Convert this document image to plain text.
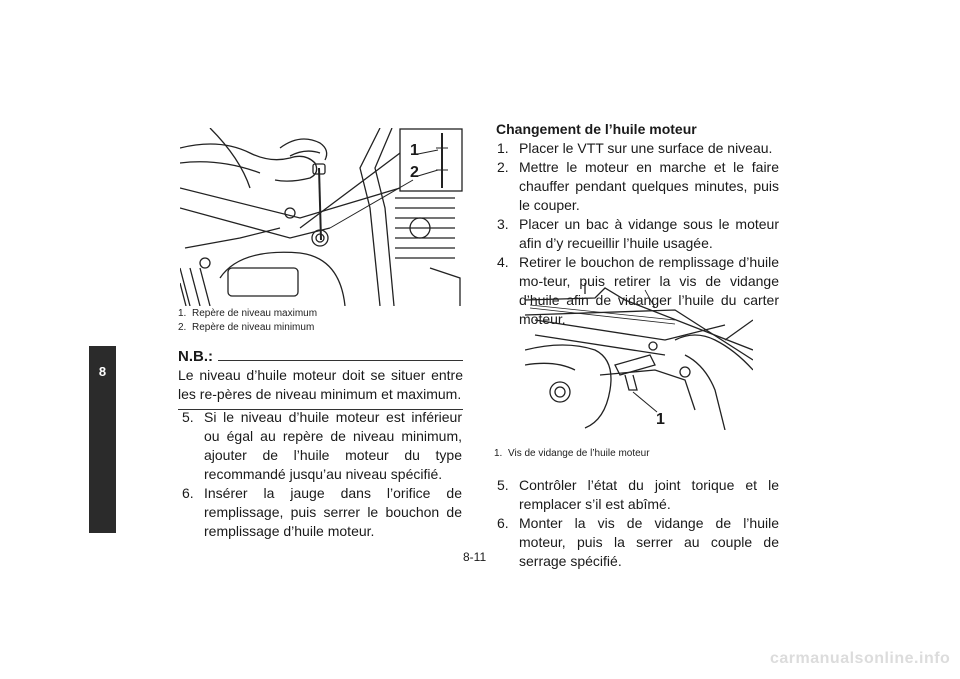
8
1
2
1. Repère de niveau maximum
2. Repère de niveau minimum
N.B.:
Le niveau d’huile moteur doit se situer entre les re-pères de niveau minimum et maximum.
5. Si le niveau d’huile moteur est inférieur ou égal au repère de niveau minimum, ajouter de l’huile moteur du type recommandé jusqu’au niveau spécifié.
6. Insérer la jauge dans l’orifice de remplissage, puis serrer le bouchon de remplissage d’huile moteur.
Changement de l’huile moteur
1. Placer le VTT sur une surface de niveau.
2. Mettre le moteur en marche et le faire chauffer pendant quelques minutes, puis le couper.
3. Placer un bac à vidange sous le moteur afin d’y recueillir l’huile usagée.
4. Retirer le bouchon de remplissage d’huile mo-teur, puis retirer la vis de vidange d’huile afin de vidanger l’huile du carter moteur.
1
1. Vis de vidange de l’huile moteur
5. Contrôler l’état du joint torique et le remplacer s’il est abîmé.
6. Monter la vis de vidange de l’huile moteur, puis la serrer au couple de serrage spécifié.
8-11
carmanualsonline.info
